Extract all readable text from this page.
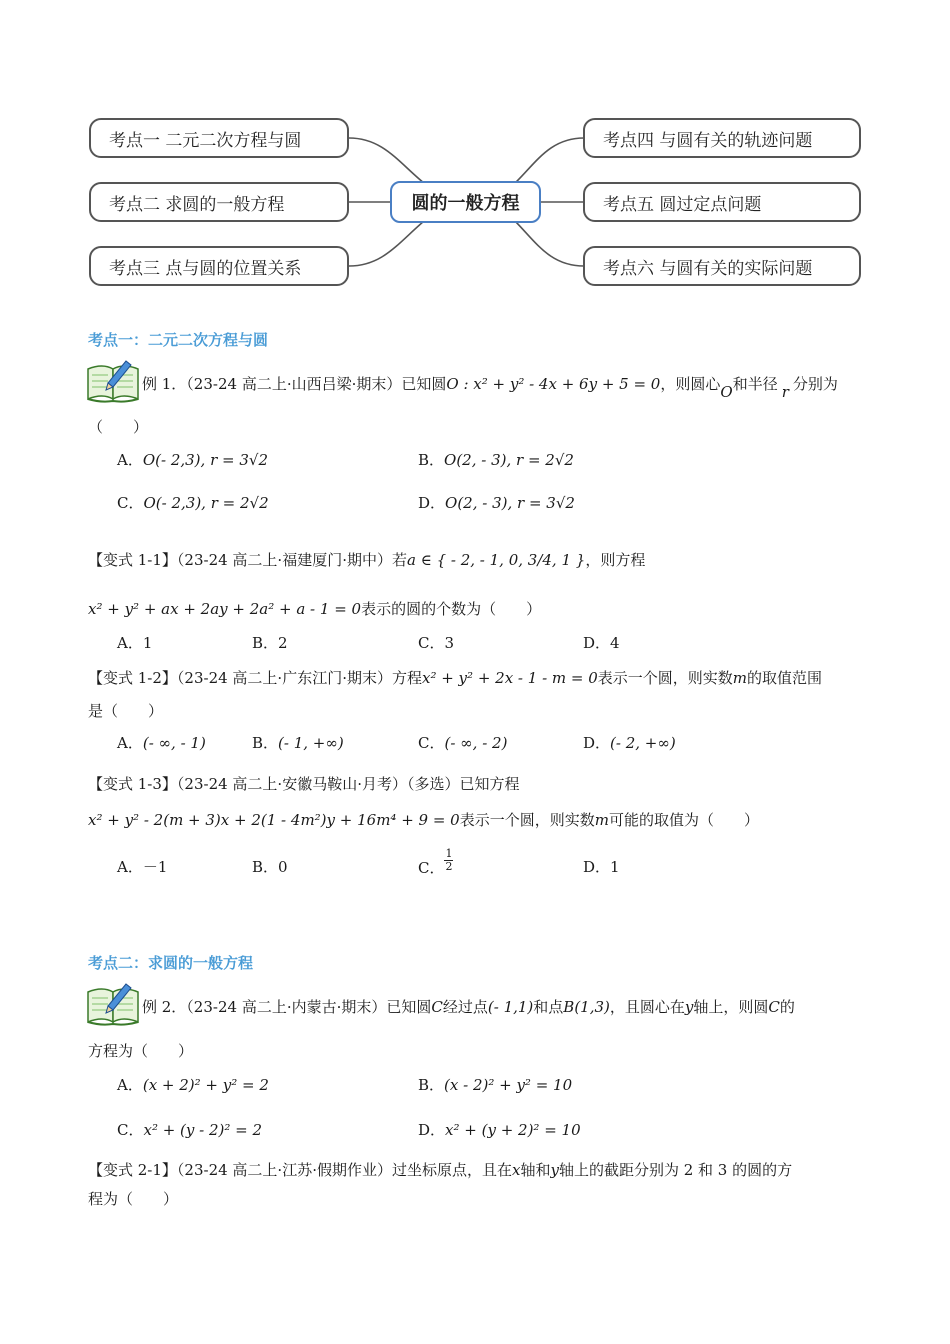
考点一 二元二次方程与圆
考点二 求圆的一般方程
考点三 点与圆的位置关系
圆的一般方程
考点四 与圆有关的轨迹问题
考点五 圆过定点问题
考点六 与圆有关的实际问题
考点一：二元二次方程与圆
例 1．（23-24 高二上·山西吕梁·期末）已知圆O : x² + y² - 4x + 6y + 5 = 0，则圆心O和半径 r 分别为
（　　）
A．O(- 2,3), r = 3√2	B．O(2, - 3), r = 2√2
C．O(- 2,3), r = 2√2	D．O(2, - 3), r = 3√2
【变式 1-1】（23-24 高二上·福建厦门·期中）若a ∈ { - 2, - 1, 0, 3/4, 1 }，则方程
x² + y² + ax + 2ay + 2a² + a - 1 = 0表示的圆的个数为（　　）
A．1	B．2	C．3	D．4
【变式 1-2】（23-24 高二上·广东江门·期末）方程x² + y² + 2x - 1 - m = 0表示一个圆，则实数m的取值范围
是（　　）
A．(- ∞, - 1)	B．(- 1, +∞)	C．(- ∞, - 2)	D．(- 2, +∞)
【变式 1-3】（23-24 高二上·安徽马鞍山·月考）（多选）已知方程
x² + y² - 2(m + 3)x + 2(1 - 4m²)y + 16m⁴ + 9 = 0表示一个圆，则实数m可能的取值为（　　）
A．－1	B．0	C． $\frac{1}{2}$	D．1
考点二：求圆的一般方程
例 2．（23-24 高二上·内蒙古·期末）已知圆C经过点(- 1,1)和点B(1,3)，且圆心在y轴上，则圆C的
方程为（　　）
A．(x + 2)² + y² = 2	B．(x - 2)² + y² = 10
C．x² + (y - 2)² = 2	D．x² + (y + 2)² = 10
【变式 2-1】（23-24 高二上·江苏·假期作业）过坐标原点，且在x轴和y轴上的截距分别为 2 和 3 的圆的方
程为（　　）
